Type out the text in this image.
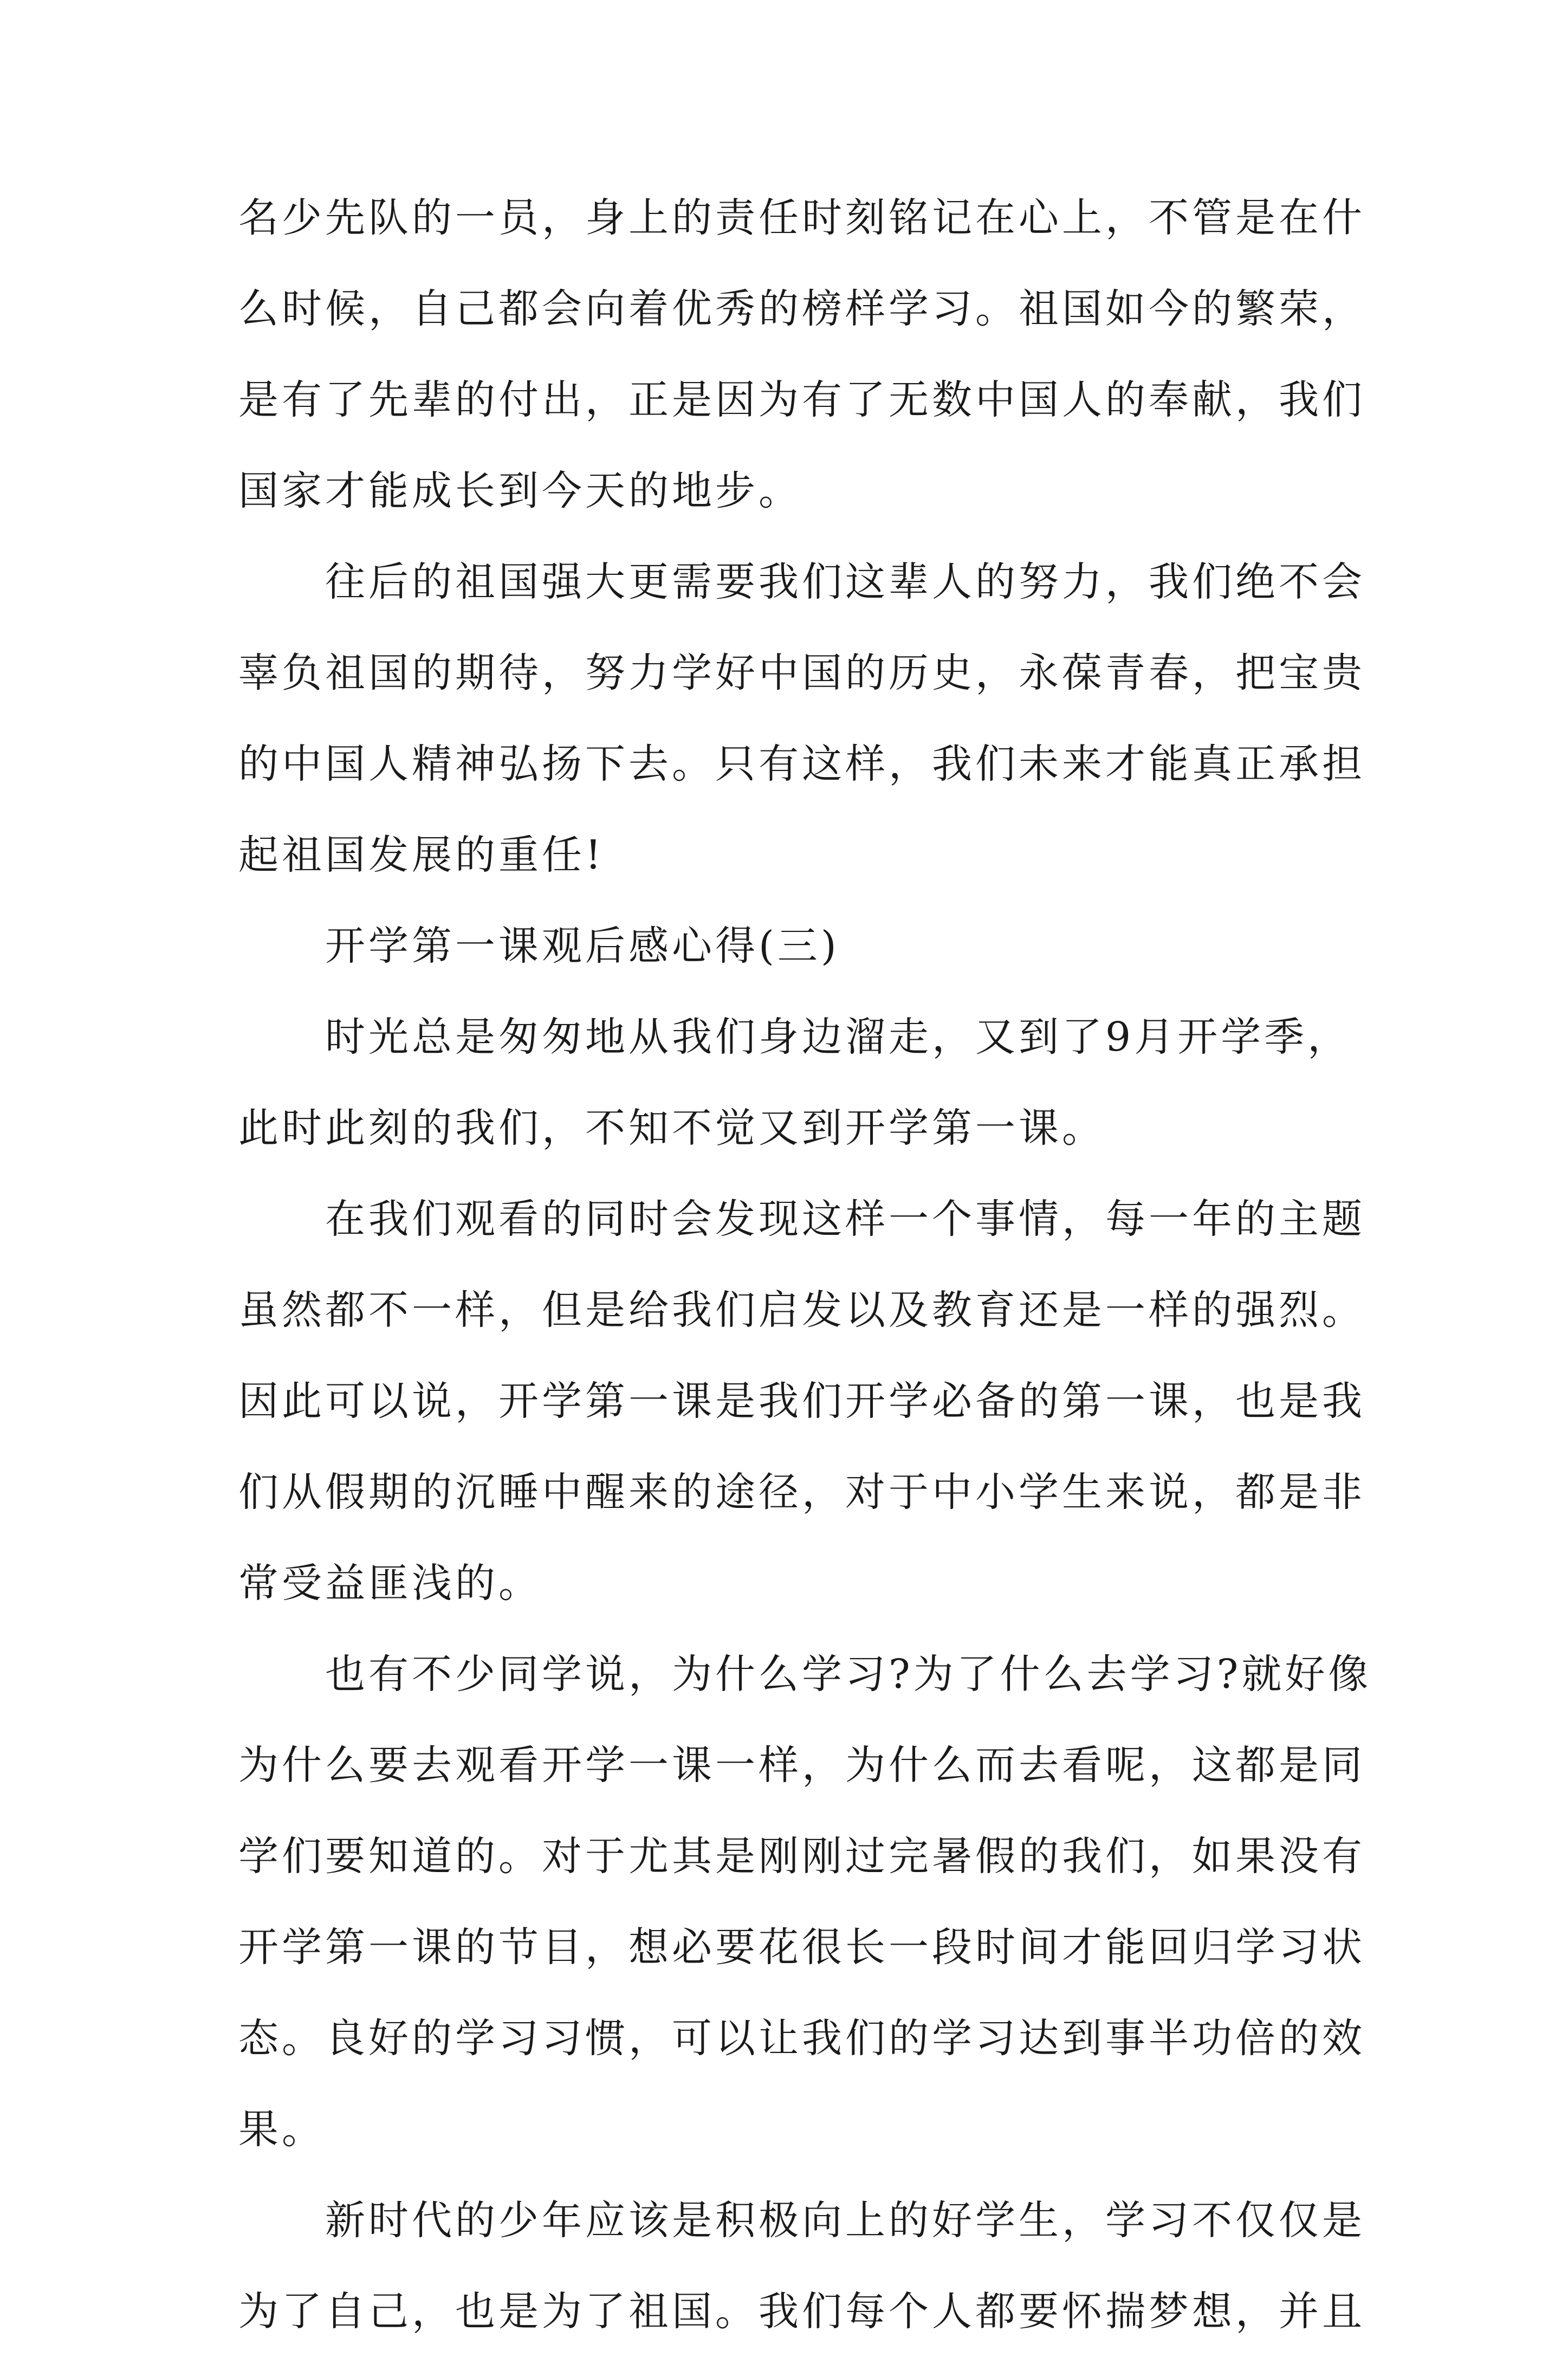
名少先队的一员，身上的责任时刻铭记在心上，不管是在什
么时候，自己都会向着优秀的榜样学习。祖国如今的繁荣，
是有了先辈的付出，正是因为有了无数中国人的奉献，我们
国家才能成长到今天的地步。
往后的祖国强大更需要我们这辈人的努力，我们绝不会
辜负祖国的期待，努力学好中国的历史，永葆青春，把宝贵
的中国人精神弘扬下去。只有这样，我们未来才能真正承担
起祖国发展的重任!
开学第一课观后感心得(三)
时光总是匆匆地从我们身边溜走，又到了9月开学季，
此时此刻的我们，不知不觉又到开学第一课。
在我们观看的同时会发现这样一个事情，每一年的主题
虽然都不一样，但是给我们启发以及教育还是一样的强烈。
因此可以说，开学第一课是我们开学必备的第一课，也是我
们从假期的沉睡中醒来的途径，对于中小学生来说，都是非
常受益匪浅的。
也有不少同学说，为什么学习?为了什么去学习?就好像
为什么要去观看开学一课一样，为什么而去看呢，这都是同
学们要知道的。对于尤其是刚刚过完暑假的我们，如果没有
开学第一课的节目，想必要花很长一段时间才能回归学习状
态。良好的学习习惯，可以让我们的学习达到事半功倍的效
果。
新时代的少年应该是积极向上的好学生，学习不仅仅是
为了自己，也是为了祖国。我们每个人都要怀揣梦想，并且
